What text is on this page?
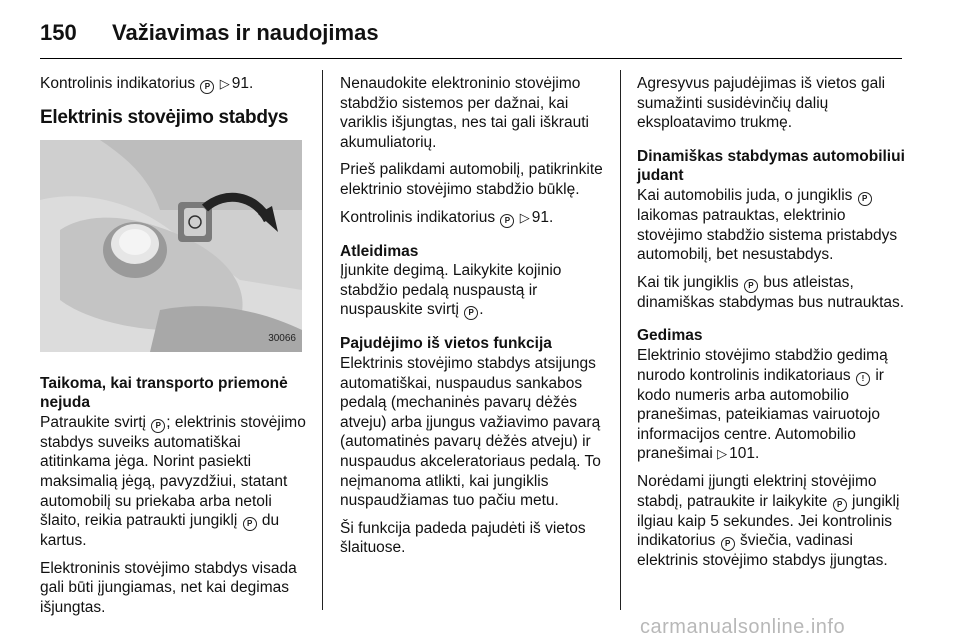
150	Važiavimas ir naudojimas

Kontrolinis indikatorius P ▷ 91.

Elektrinis stovėjimo stabdys
30066
Taikoma, kai transporto priemonė nejuda

Patraukite svirtį P ; elektrinis stovėjimo stabdys suveiks automatiškai atitinkama jėga. Norint pasiekti maksimalią jėgą, pavyzdžiui, statant automobilį su priekaba arba netoli šlaito, reikia patraukti jungiklį P du kartus.

Elektroninis stovėjimo stabdys visada gali būti įjungiamas, net kai degimas išjungtas.

Nenaudokite elektroninio stovėjimo stabdžio sistemos per dažnai, kai variklis išjungtas, nes tai gali iškrauti akumuliatorių.

Prieš palikdami automobilį, patikrinkite elektrinio stovėjimo stabdžio būklę.

Kontrolinis indikatorius P ▷ 91.

Atleidimas

Įjunkite degimą. Laikykite kojinio stabdžio pedalą nuspaustą ir nuspauskite svirtį P .

Pajudėjimo iš vietos funkcija

Elektrinis stovėjimo stabdys atsijungs automatiškai, nuspaudus sankabos pedalą (mechaninės pavarų dėžės atveju) arba įjungus važiavimo pavarą (automatinės pavarų dėžės atveju) ir nuspaudus akceleratoriaus pedalą. To neįmanoma atlikti, kai jungiklis nuspaudžiamas tuo pačiu metu.

Ši funkcija padeda pajudėti iš vietos šlaituose.

Agresyvus pajudėjimas iš vietos gali sumažinti susidėvinčių dalių eksploatavimo trukmę.

Dinamiškas stabdymas automobiliui judant

Kai automobilis juda, o jungiklis P laikomas patrauktas, elektrinio stovėjimo stabdžio sistema pristabdys automobilį, bet nesustabdys.

Kai tik jungiklis P bus atleistas, dinamiškas stabdymas bus nutrauktas.

Gedimas

Elektrinio stovėjimo stabdžio gedimą nurodo kontrolinis indikatoriaus ! ir kodo numeris arba automobilio pranešimas, pateikiamas vairuotojo informacijos centre. Automobilio pranešimai ▷ 101.

Norėdami įjungti elektrinį stovėjimo stabdį, patraukite ir laikykite P jungiklį ilgiau kaip 5 sekundes. Jei kontrolinis indikatorius P šviečia, vadinasi elektrinis stovėjimo stabdys įjungtas.

carmanualsonline.info
